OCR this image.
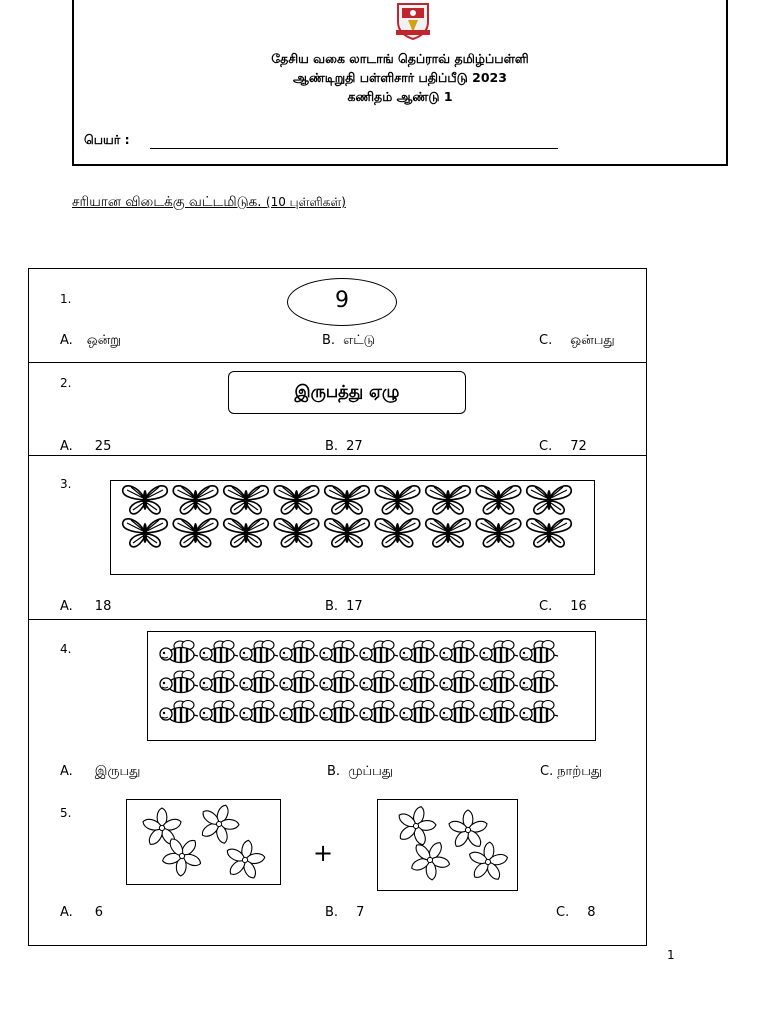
தேசிய வகை லாடாங் தெப்ராவ் தமிழ்ப்பள்ளி
ஆண்டிறுதி பள்ளிசார் பதிப்பீடு 2023
கணிதம் ஆண்டு 1
பெயர் :
சரியான விடைக்கு வட்டமிடுக. (10 புள்ளிகள்)
1.	9
A. ஒன்று	B. எட்டு	C. ஒன்பது
2.	இருபத்து ஏழு
A. 25	B. 27	C. 72
3.
A. 18	B. 17	C. 16
4.
A. இருபது	B. முப்பது	C. நாற்பது
5.
+
A. 6	B. 7	C. 8
1
